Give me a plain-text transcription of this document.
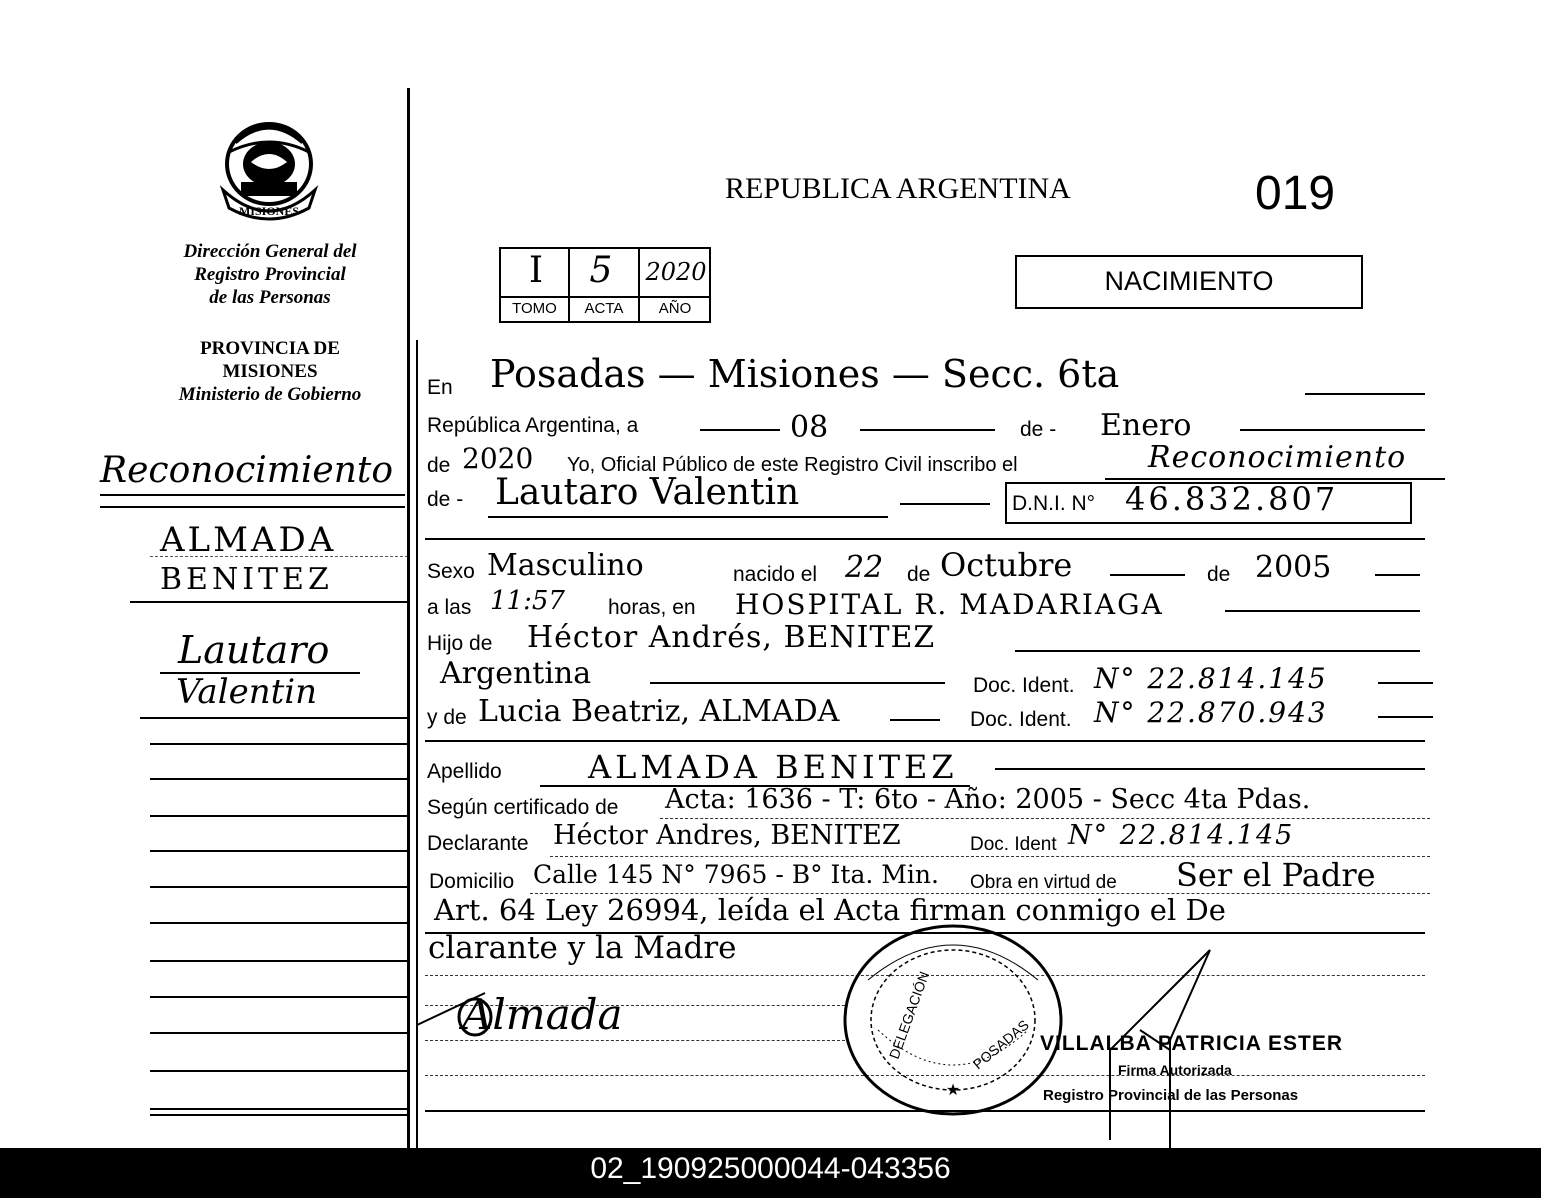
MISIONES
Dirección General del
Registro Provincial
de las Personas
PROVINCIA DE
MISIONES
Ministerio de Gobierno
Reconocimiento
ALMADA
BENITEZ
Lautaro
Valentin
REPUBLICA ARGENTINA	019
I	5	2020
TOMO	ACTA	AÑO
NACIMIENTO
En Posadas — Misiones — Secc. 6ta
República Argentina, a	08	de - Enero
de 2020 Yo, Oficial Público de este Registro Civil inscribo el	Reconocimiento
de - Lautaro Valentin	D.N.I. N° 46.832.807
Sexo Masculino	nacido el 22 de Octubre	de 2005
a las 11:57 horas, en HOSPITAL R. MADARIAGA
Hijo de Héctor Andrés, BENITEZ
Argentina	Doc. Ident. N° 22.814.145
y de Lucia Beatriz, ALMADA	Doc. Ident. N° 22.870.943
Apellido	ALMADA BENITEZ
Según certificado de Acta: 1636 - T: 6to - Año: 2005 - Secc 4ta Pdas.
Declarante Héctor Andres, BENITEZ	Doc. Ident N° 22.814.145
Domicilio Calle 145 N° 7965 - B° Ita. Min. Obra en virtud de Ser el Padre
Art. 64 Ley 26994, leída el Acta firman conmigo el De
clarante y la Madre
Almada
★
DELEGACIÓN	POSADAS VILLALBA PATRICIA ESTER
Firma Autorizada
Registro Provincial de las Personas
02_190925000044-043356
